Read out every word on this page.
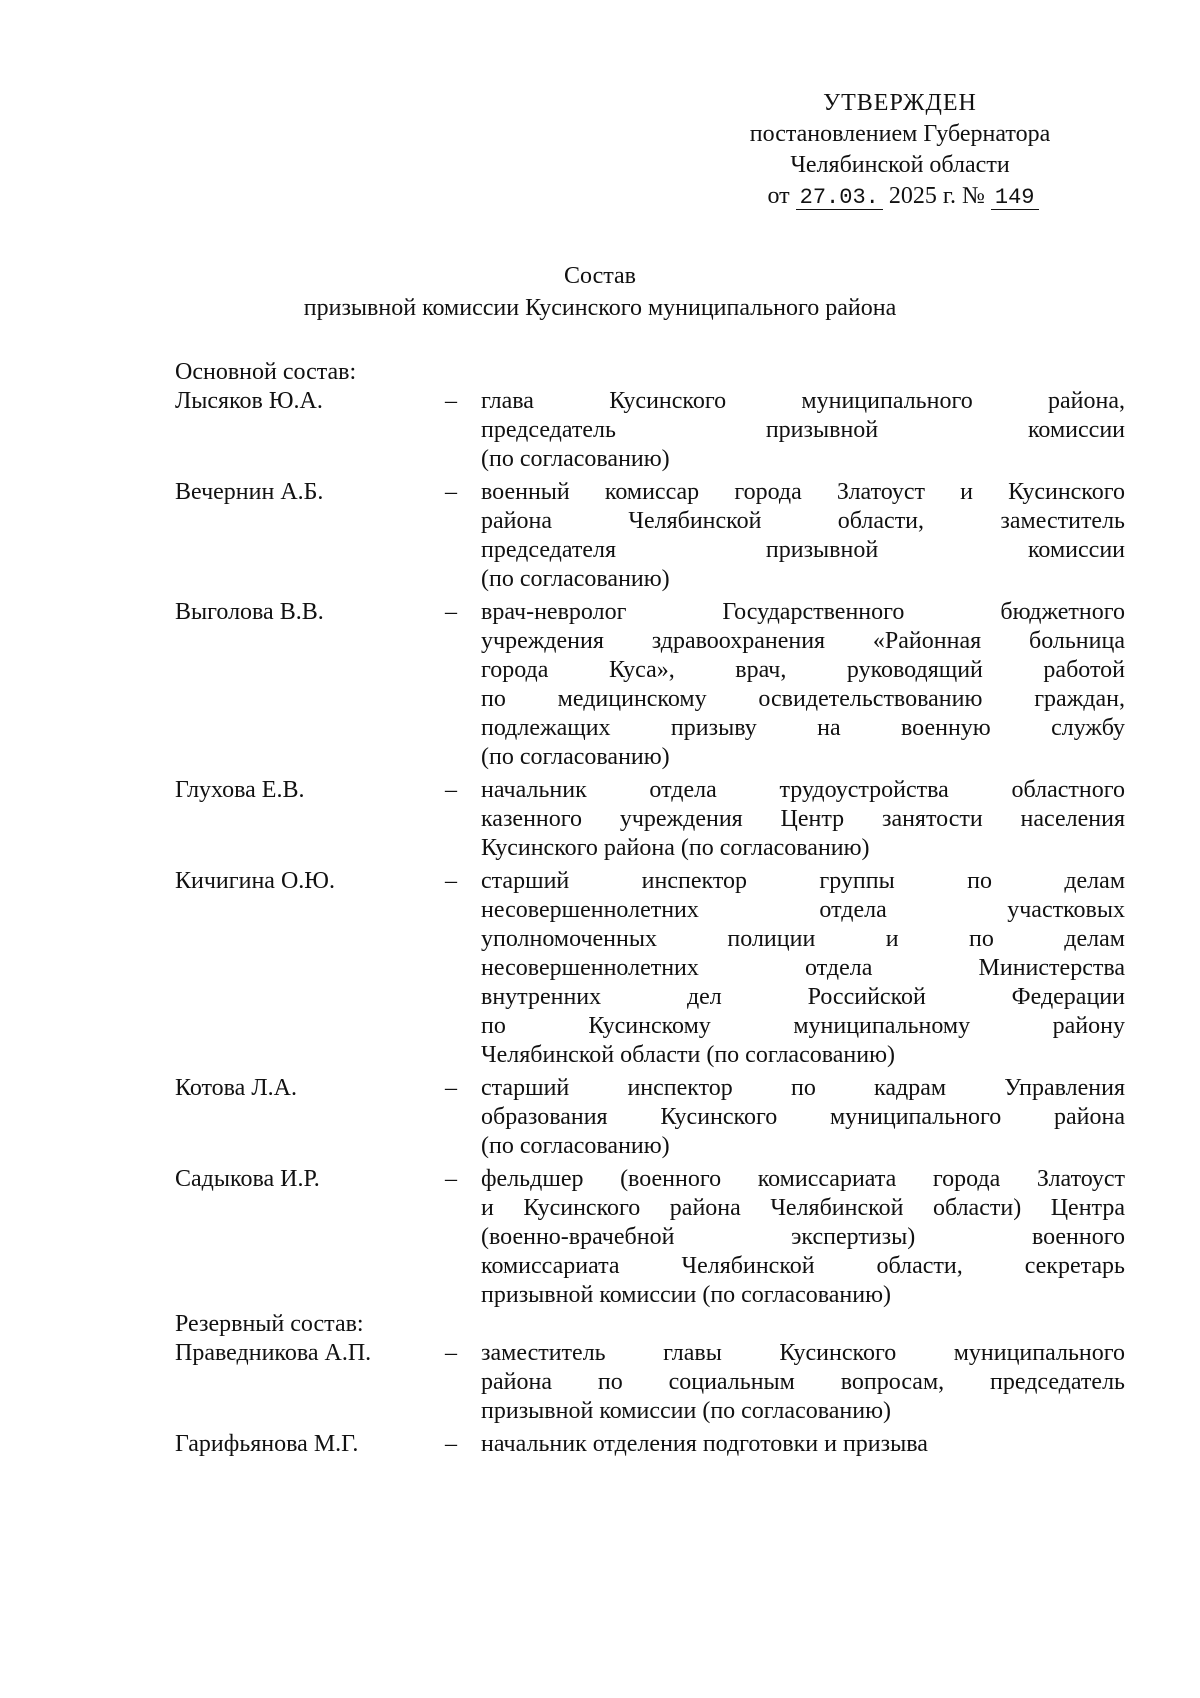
УТВЕРЖДЕН
постановлением Губернатора
Челябинской области
от 27.03. 2025 г. № 149
Состав
призывной комиссии Кусинского муниципального района
Основной состав:
Лысяков Ю.А.	– глава Кусинского муниципального района,
председатель призывной комиссии
(по согласованию)
Вечернин А.Б.	– военный комиссар города Златоуст и Кусинского
района Челябинской области, заместитель
председателя призывной комиссии
(по согласованию)
Выголова В.В.	– врач-невролог Государственного бюджетного
учреждения здравоохранения «Районная больница
города Куса», врач, руководящий работой
по медицинскому освидетельствованию граждан,
подлежащих призыву на военную службу
(по согласованию)
Глухова Е.В.	– начальник отдела трудоустройства областного
казенного учреждения Центр занятости населения
Кусинского района (по согласованию)
Кичигина О.Ю.	– старший инспектор группы по делам
несовершеннолетних отдела участковых
уполномоченных полиции и по делам
несовершеннолетних отдела Министерства
внутренних дел Российской Федерации
по Кусинскому муниципальному району
Челябинской области (по согласованию)
Котова Л.А.	– старший инспектор по кадрам Управления
образования Кусинского муниципального района
(по согласованию)
Садыкова И.Р.	– фельдшер (военного комиссариата города Златоуст
и Кусинского района Челябинской области) Центра
(военно-врачебной экспертизы) военного
комиссариата Челябинской области, секретарь
призывной комиссии (по согласованию)
Резервный состав:
Праведникова А.П.	– заместитель главы Кусинского муниципального
района по социальным вопросам, председатель
призывной комиссии (по согласованию)
Гарифьянова М.Г.	– начальник отделения подготовки и призыва
